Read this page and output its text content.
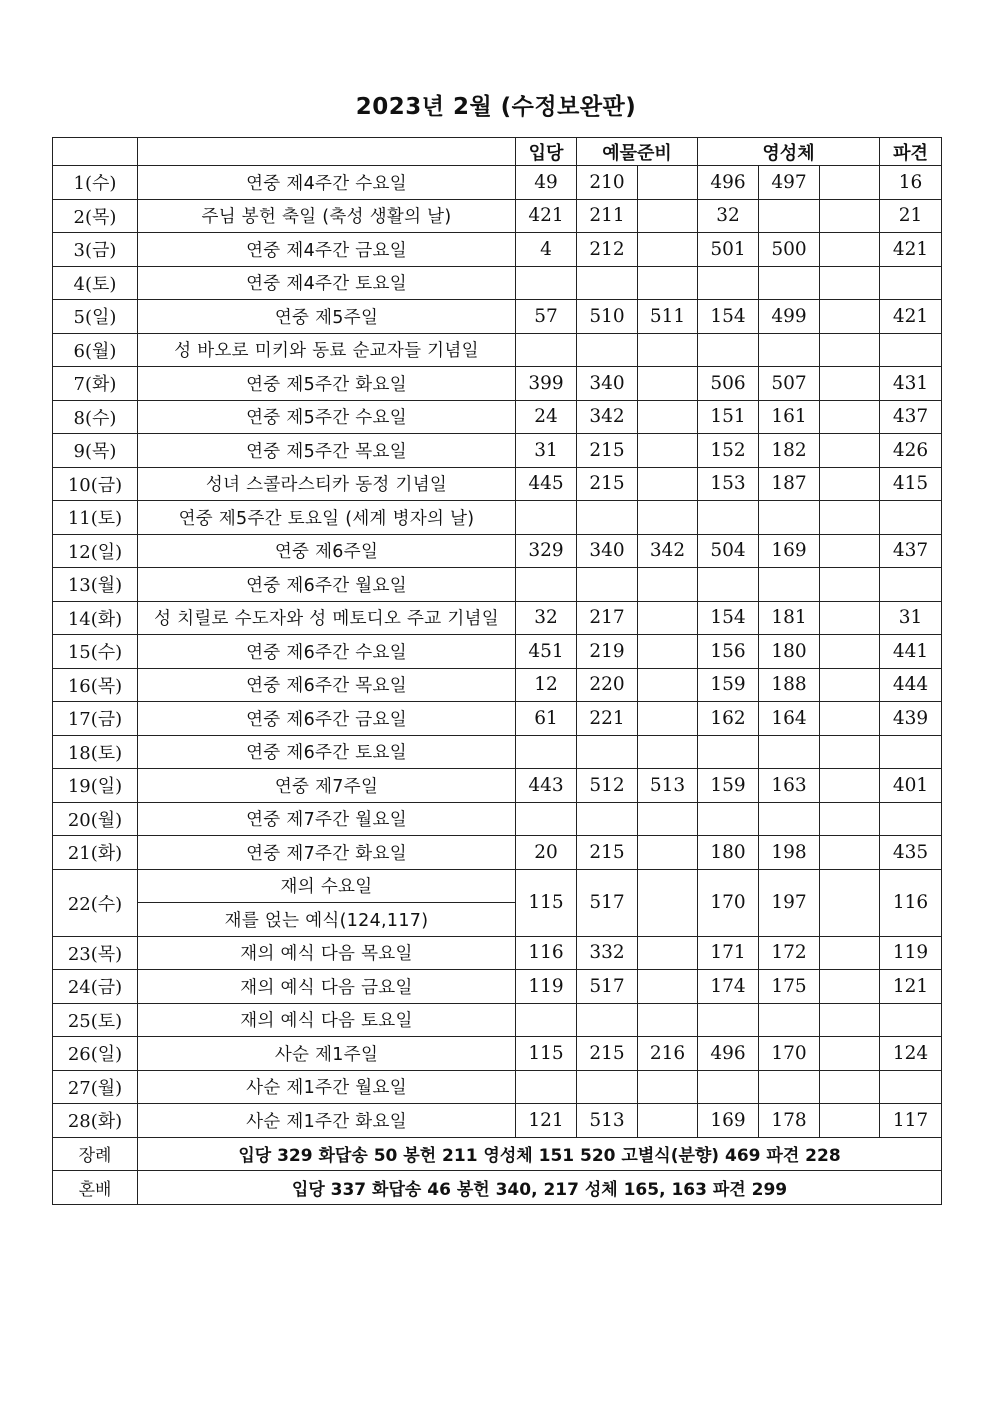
2023년 2월 (수정보완판)
		입당	예물준비		영성체			파견
1(수)	연중 제4주간 수요일	49	210		496	497		16
2(목)	주님 봉헌 축일 (축성 생활의 날)	421	211		32			21
3(금)	연중 제4주간 금요일	4	212		501	500		421
4(토)	연중 제4주간 토요일							
5(일)	연중 제5주일	57	510	511	154	499		421
6(월)	성 바오로 미키와 동료 순교자들 기념일							
7(화)	연중 제5주간 화요일	399	340		506	507		431
8(수)	연중 제5주간 수요일	24	342		151	161		437
9(목)	연중 제5주간 목요일	31	215		152	182		426
10(금)	성녀 스콜라스티카 동정 기념일	445	215		153	187		415
11(토)	연중 제5주간 토요일 (세계 병자의 날)							
12(일)	연중 제6주일	329	340	342	504	169		437
13(월)	연중 제6주간 월요일							
14(화)	성 치릴로 수도자와 성 메토디오 주교 기념일	32	217		154	181		31
15(수)	연중 제6주간 수요일	451	219		156	180		441
16(목)	연중 제6주간 목요일	12	220		159	188		444
17(금)	연중 제6주간 금요일	61	221		162	164		439
18(토)	연중 제6주간 토요일							
19(일)	연중 제7주일	443	512	513	159	163		401
20(월)	연중 제7주간 월요일							
21(화)	연중 제7주간 화요일	20	215		180	198		435
22(수)	재의 수요일	115	517		170	197		116
	재를 얹는 예식(124,117)							
23(목)	재의 예식 다음 목요일	116	332		171	172		119
24(금)	재의 예식 다음 금요일	119	517		174	175		121
25(토)	재의 예식 다음 토요일							
26(일)	사순 제1주일	115	215	216	496	170		124
27(월)	사순 제1주간 월요일							
28(화)	사순 제1주간 화요일	121	513		169	178		117
장례	입당 329 화답송 50 봉헌 211 영성체 151 520 고별식(분향) 469 파견 228							
혼배	입당 337 화답송 46 봉헌 340, 217 성체 165, 163 파견 299							
